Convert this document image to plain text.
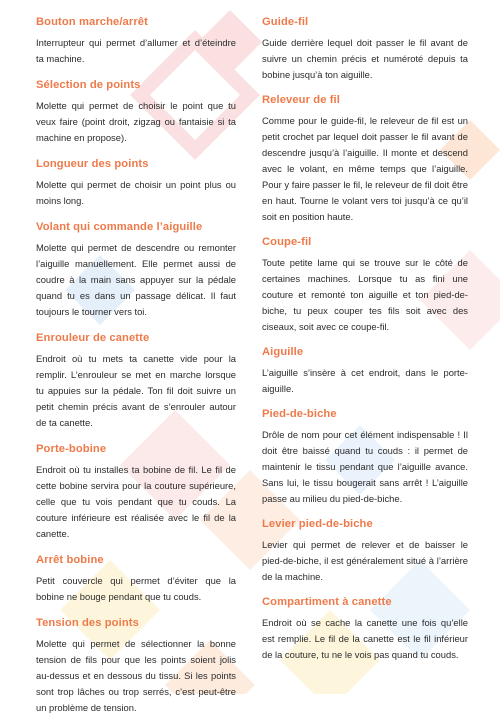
Bouton marche/arrêt

Interrupteur qui permet d’allumer et d’éteindre ta machine.

Sélection de points

Molette qui permet de choisir le point que tu veux faire (point droit, zigzag ou fantaisie si ta machine en propose).

Longueur des points

Molette qui permet de choisir un point plus ou moins long.

Volant qui commande l’aiguille

Molette qui permet de descendre ou remonter l’aiguille manuellement. Elle permet aussi de coudre à la main sans appuyer sur la pédale quand tu es dans un passage délicat. Il faut toujours le tourner vers toi.

Enrouleur de canette

Endroit où tu mets ta canette vide pour la remplir. L’enrouleur se met en marche lorsque tu appuies sur la pédale. Ton fil doit suivre un petit chemin précis avant de s’enrouler autour de ta canette.

Porte-bobine

Endroit où tu installes ta bobine de fil. Le fil de cette bobine servira pour la couture supérieure, celle que tu vois pendant que tu couds. La couture inférieure est réalisée avec le fil de la canette.

Arrêt bobine

Petit couvercle qui permet d’éviter que la bobine ne bouge pendant que tu couds.

Tension des points

Molette qui permet de sélectionner la bonne tension de fils pour que les points soient jolis au-dessus et en dessous du tissu. Si les points sont trop lâches ou trop serrés, c’est peut-être un problème de tension.

Guide-fil

Guide derrière lequel doit passer le fil avant de suivre un chemin précis et numéroté depuis ta bobine jusqu’à ton aiguille.

Releveur de fil

Comme pour le guide-fil, le releveur de fil est un petit crochet par lequel doit passer le fil avant de descendre jusqu’à l’aiguille. Il monte et descend avec le volant, en même temps que l’aiguille. Pour y faire passer le fil, le releveur de fil doit être en haut. Tourne le volant vers toi jusqu’à ce qu’il soit en position haute.

Coupe-fil

Toute petite lame qui se trouve sur le côté de certaines machines. Lorsque tu as fini une couture et remonté ton aiguille et ton pied-de-biche, tu peux couper tes fils soit avec des ciseaux, soit avec ce coupe-fil.

Aiguille

L’aiguille s’insère à cet endroit, dans le porte-aiguille.

Pied-de-biche

Drôle de nom pour cet élément indispensable ! Il doit être baissé quand tu couds : il permet de maintenir le tissu pendant que l’aiguille avance. Sans lui, le tissu bougerait sans arrêt ! L’aiguille passe au milieu du pied-de-biche.

Levier pied-de-biche

Levier qui permet de relever et de baisser le pied-de-biche, il est généralement situé à l’arrière de la machine.

Compartiment à canette

Endroit où se cache la canette une fois qu’elle est remplie. Le fil de la canette est le fil inférieur de la couture, tu ne le vois pas quand tu couds.
